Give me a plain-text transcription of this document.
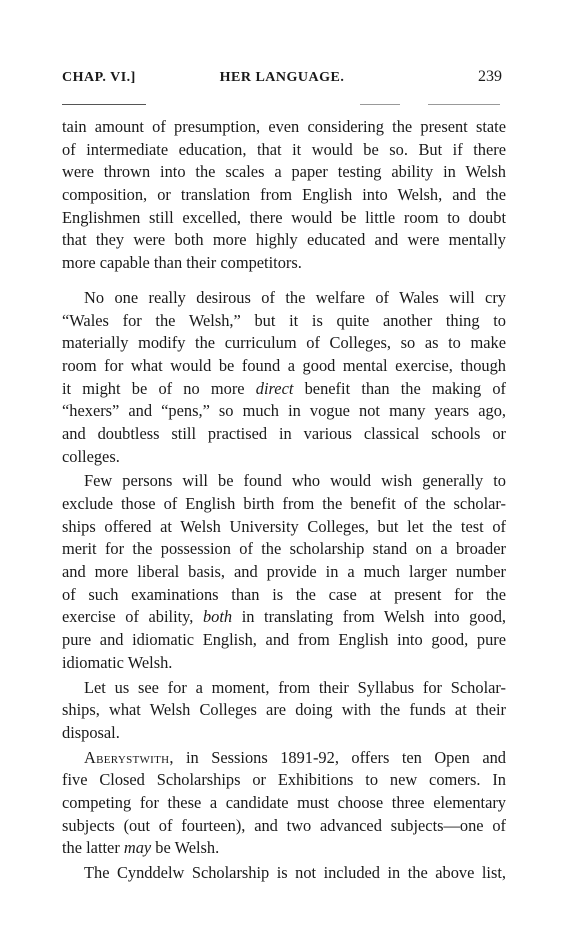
CHAP. VI.]	HER LANGUAGE.	239
tain amount of presumption, even considering the present state
of intermediate education, that it would be so. But if there
were thrown into the scales a paper testing ability in Welsh
composition, or translation from English into Welsh, and the
Englishmen still excelled, there would be little room to doubt
that they were both more highly educated and were mentally
more capable than their competitors.
No one really desirous of the welfare of Wales will cry
“Wales for the Welsh,” but it is quite another thing to
materially modify the curriculum of Colleges, so as to make
room for what would be found a good mental exercise, though
it might be of no more direct benefit than the making of
“hexers” and “pens,” so much in vogue not many years ago,
and doubtless still practised in various classical schools or
colleges.
Few persons will be found who would wish generally to
exclude those of English birth from the benefit of the scholar-
ships offered at Welsh University Colleges, but let the test of
merit for the possession of the scholarship stand on a broader
and more liberal basis, and provide in a much larger number
of such examinations than is the case at present for the
exercise of ability, both in translating from Welsh into good,
pure and idiomatic English, and from English into good, pure
idiomatic Welsh.
Let us see for a moment, from their Syllabus for Scholar-
ships, what Welsh Colleges are doing with the funds at their
disposal.
Aberystwith, in Sessions 1891-92, offers ten Open and
five Closed Scholarships or Exhibitions to new comers. In
competing for these a candidate must choose three elementary
subjects (out of fourteen), and two advanced subjects—one of
the latter may be Welsh.
The Cynddelw Scholarship is not included in the above list,
